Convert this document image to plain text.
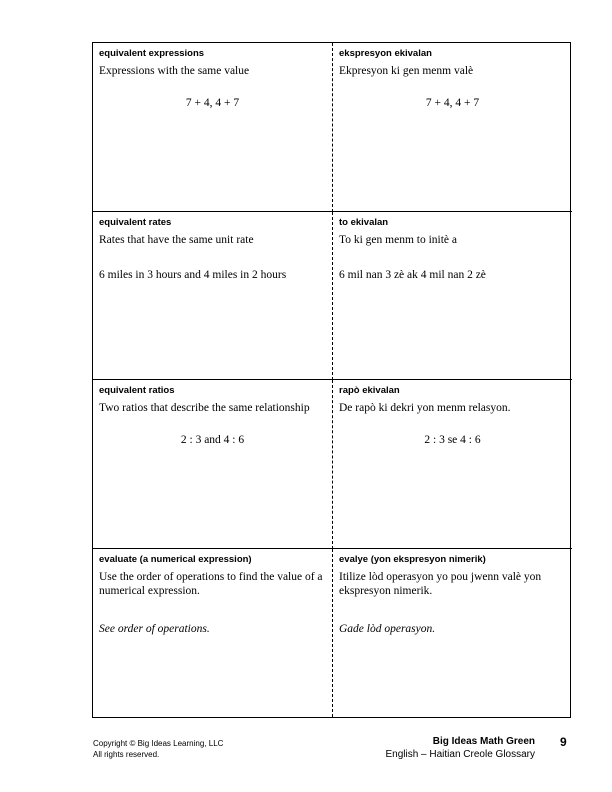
equivalent expressions

Expressions with the same value

7 + 4, 4 + 7

ekspresyon ekivalan

Ekpresyon ki gen menm valè

7 + 4, 4 + 7

equivalent rates

Rates that have the same unit rate

6 miles in 3 hours and 4 miles in 2 hours

to ekivalan

To ki gen menm to initè a

6 mil nan 3 zè ak 4 mil nan 2 zè

equivalent ratios

Two ratios that describe the same relationship

2 : 3 and 4 : 6

rapò ekivalan

De rapò ki dekri yon menm relasyon.

2 : 3 se 4 : 6

evaluate (a numerical expression)

Use the order of operations to find the value of a numerical expression.

See order of operations.

evalye (yon ekspresyon nimerik)

Itilize lòd operasyon yo pou jwenn valè yon ekspresyon nimerik.

Gade lòd operasyon.

Copyright © Big Ideas Learning, LLC
All rights reserved.
Big Ideas Math Green
English – Haitian Creole Glossary
9
